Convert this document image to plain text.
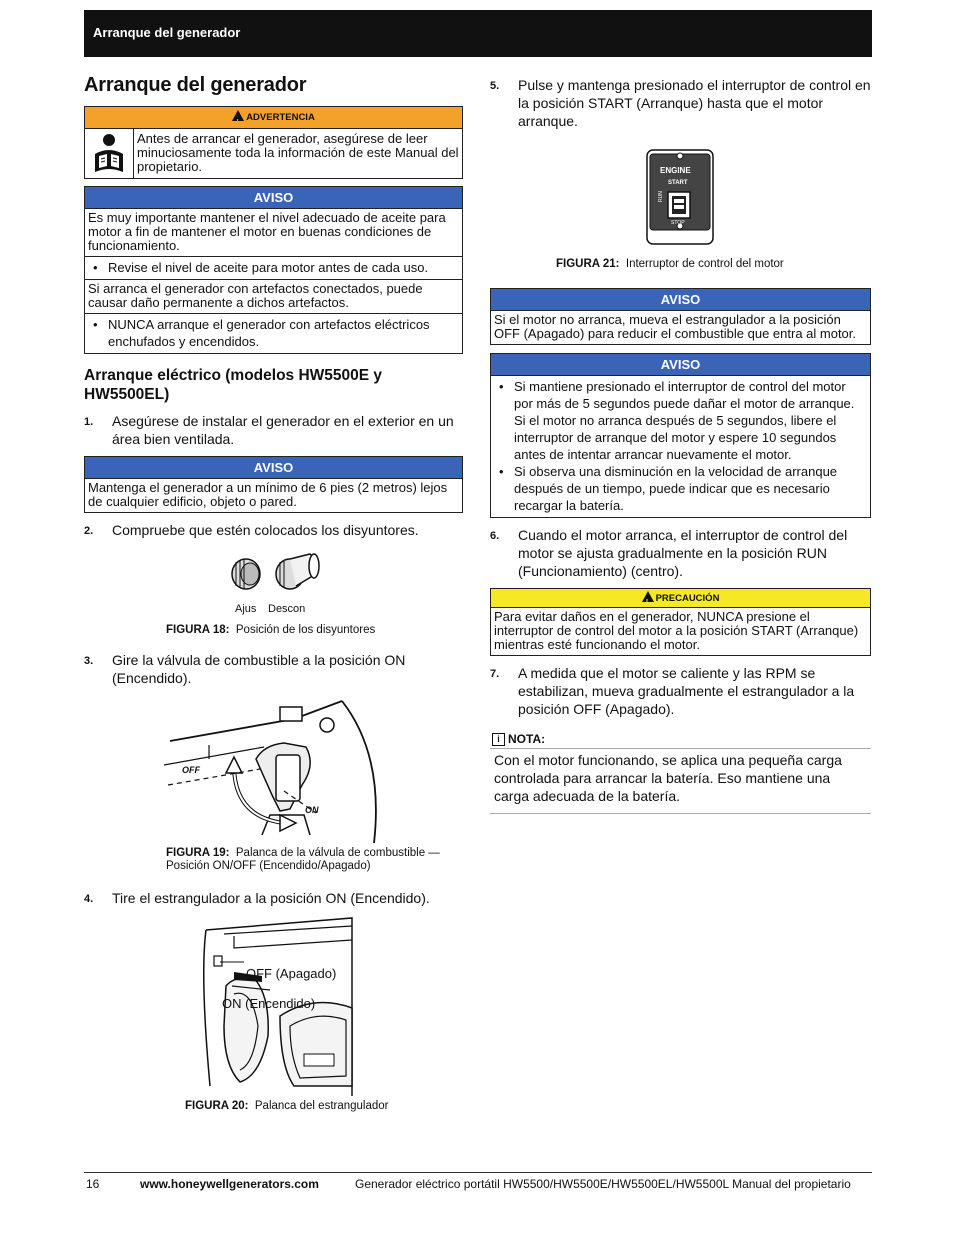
Arranque del generador
Arranque del generador
! ADVERTENCIA
Antes de arrancar el generador, asegúrese de leer minuciosamente toda la información de este Manual del propietario.
AVISO
Es muy importante mantener el nivel adecuado de aceite para motor a fin de mantener el motor en buenas condiciones de funcionamiento.
• Revise el nivel de aceite para motor antes de cada uso.
Si arranca el generador con artefactos conectados, puede causar daño permanente a dichos artefactos.
• NUNCA arranque el generador con artefactos eléctricos enchufados y encendidos.
Arranque eléctrico (modelos HW5500E y HW5500EL)
1.	Asegúrese de instalar el generador en el exterior en un área bien ventilada.
AVISO
Mantenga el generador a un mínimo de 6 pies (2 metros) lejos de cualquier edificio, objeto o pared.
2.	Compruebe que estén colocados los disyuntores.
Ajus Descon
FIGURA 18: Posición de los disyuntores
3.	Gire la válvula de combustible a la posición ON (Encendido).
OFF
ON
FIGURA 19: Palanca de la válvula de combustible — Posición ON/OFF (Encendido/Apagado)
4.	Tire el estrangulador a la posición ON (Encendido).
OFF (Apagado)
ON (Encendido)
FIGURA 20: Palanca del estrangulador
5.	Pulse y mantenga presionado el interruptor de control en la posición START (Arranque) hasta que el motor arranque.
RUN
STOP
ENGINE
START
FIGURA 21: Interruptor de control del motor
AVISO
Si el motor no arranca, mueva el estrangulador a la posición OFF (Apagado) para reducir el combustible que entra al motor.
AVISO
• Si mantiene presionado el interruptor de control del motor por más de 5 segundos puede dañar el motor de arranque. Si el motor no arranca después de 5 segundos, libere el interruptor de arranque del motor y espere 10 segundos antes de intentar arrancar nuevamente el motor.
• Si observa una disminución en la velocidad de arranque después de un tiempo, puede indicar que es necesario recargar la batería.
6.	Cuando el motor arranca, el interruptor de control del motor se ajusta gradualmente en la posición RUN (Funcionamiento) (centro).
! PRECAUCIÓN
Para evitar daños en el generador, NUNCA presione el interruptor de control del motor a la posición START (Arranque) mientras esté funcionando el motor.
7.	A medida que el motor se caliente y las RPM se estabilizan, mueva gradualmente el estrangulador a la posición OFF (Apagado).
i NOTA:
Con el motor funcionando, se aplica una pequeña carga controlada para arrancar la batería. Eso mantiene una carga adecuada de la batería.
16	www.honeywellgenerators.com	Generador eléctrico portátil HW5500/HW5500E/HW5500EL/HW5500L Manual del propietario
